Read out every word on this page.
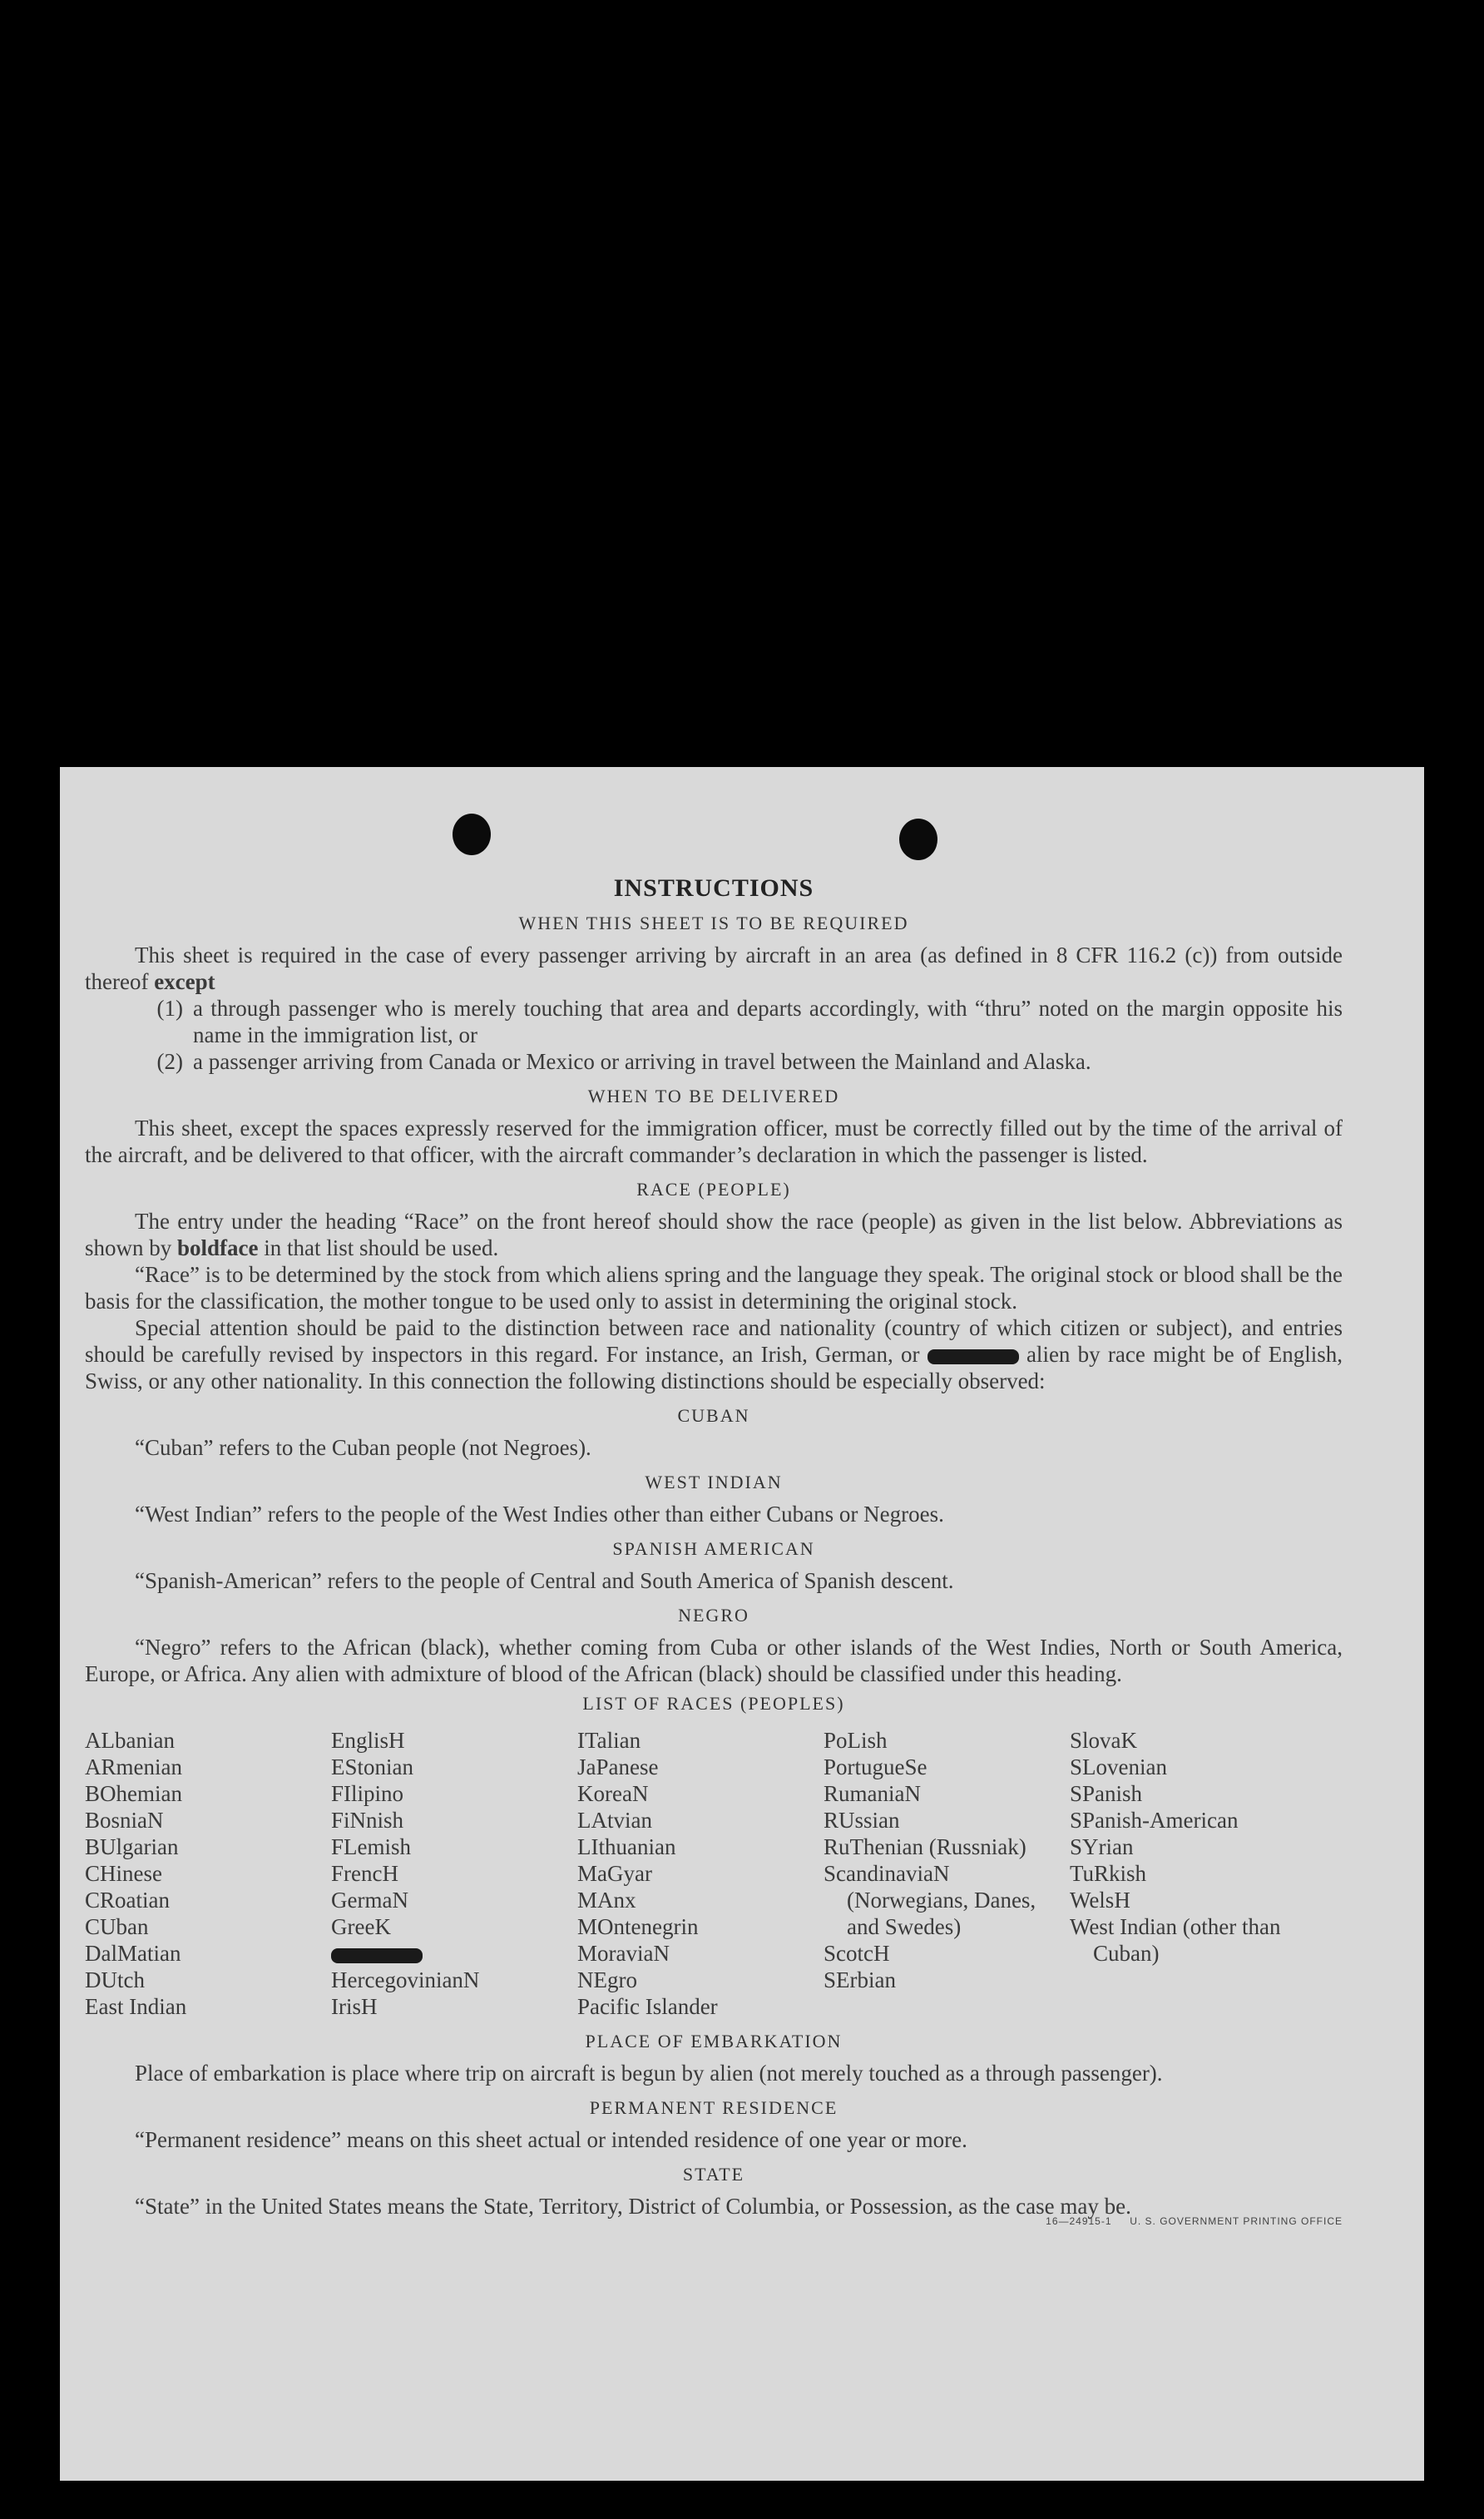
INSTRUCTIONS
WHEN THIS SHEET IS TO BE REQUIRED

This sheet is required in the case of every passenger arriving by aircraft in an area (as defined in 8 CFR 116.2 (c)) from outside thereof except

(1) a through passenger who is merely touching that area and departs accordingly, with “thru” noted on the margin opposite his name in the immigration list, or
(2) a passenger arriving from Canada or Mexico or arriving in travel between the Mainland and Alaska.
WHEN TO BE DELIVERED

This sheet, except the spaces expressly reserved for the immigration officer, must be correctly filled out by the time of the arrival of the aircraft, and be delivered to that officer, with the aircraft commander’s declaration in which the passenger is listed.

RACE (PEOPLE)

The entry under the heading “Race” on the front hereof should show the race (people) as given in the list below. Abbreviations as shown by boldface in that list should be used.

“Race” is to be determined by the stock from which aliens spring and the language they speak. The original stock or blood shall be the basis for the classification, the mother tongue to be used only to assist in determining the original stock.

Special attention should be paid to the distinction between race and nationality (country of which citizen or subject), and entries should be carefully revised by inspectors in this regard. For instance, an Irish, German, or	alien by race might be of English, Swiss, or any other nationality. In this connection the following distinctions should be especially observed:

CUBAN

“Cuban” refers to the Cuban people (not Negroes).

WEST INDIAN

“West Indian” refers to the people of the West Indies other than either Cubans or Negroes.

SPANISH AMERICAN

“Spanish-American” refers to the people of Central and South America of Spanish descent.

NEGRO

“Negro” refers to the African (black), whether coming from Cuba or other islands of the West Indies, North or South America, Europe, or Africa. Any alien with admixture of blood of the African (black) should be classified under this heading.

LIST OF RACES (PEOPLES)
ALbanian
ARmenian
BOhemian
BosniaN
BUlgarian
CHinese
CRoatian
CUban
DalMatian
DUtch
East Indian
EnglisH
EStonian
FIlipino
FiNnish
FLemish
FrencH
GermaN
GreeK
HercegovinianN
IrisH
ITalian
JaPanese
KoreaN
LAtvian
LIthuanian
MaGyar
MAnx
MOntenegrin
MoraviaN
NEgro
Pacific Islander
PoLish
PortugueSe
RumaniaN
RUssian
RuThenian (Russniak)
ScandinaviaN (Norwegians, Danes, and Swedes)
ScotcH
SErbian
SlovaK
SLovenian
SPanish
SPanish-American
SYrian
TuRkish
WelsH
West Indian (other than Cuban)
PLACE OF EMBARKATION

Place of embarkation is place where trip on aircraft is begun by alien (not merely touched as a through passenger).

PERMANENT RESIDENCE

“Permanent residence” means on this sheet actual or intended residence of one year or more.

STATE

“State” in the United States means the State, Territory, District of Columbia, or Possession, as the case may be.

16—24915-1 U. S. GOVERNMENT PRINTING OFFICE
